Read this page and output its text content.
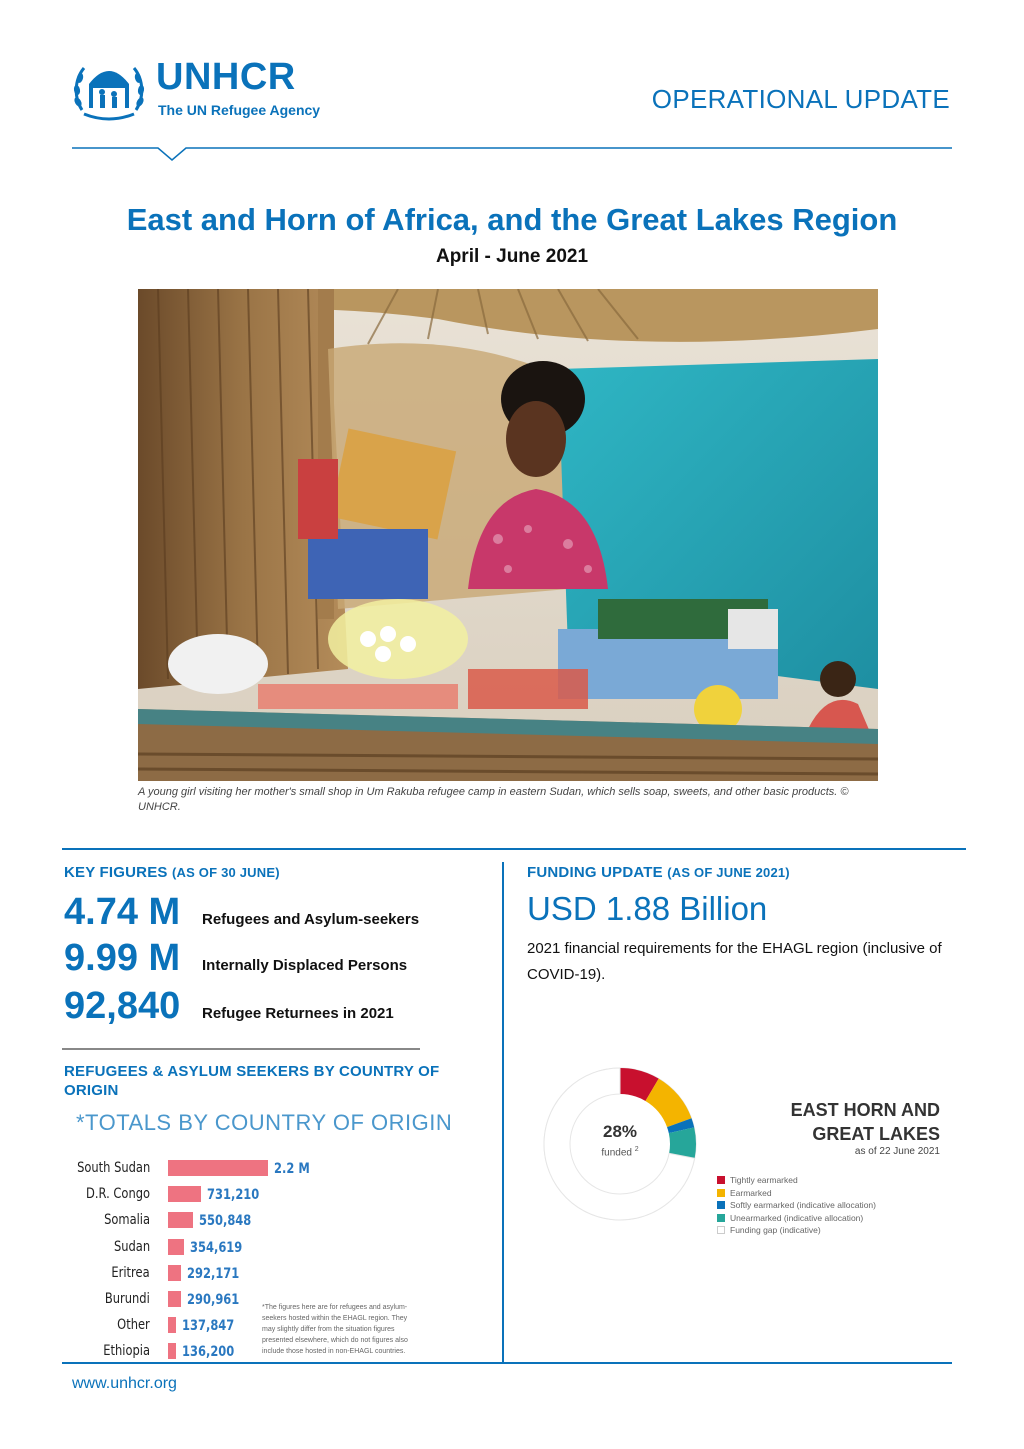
UNHCR
The UN Refugee Agency	OPERATIONAL UPDATE
East and Horn of Africa, and the Great Lakes Region
April - June 2021
A young girl visiting her mother's small shop in Um Rakuba refugee camp in eastern Sudan, which sells soap, sweets, and other basic products. © UNHCR.
KEY FIGURES (AS OF 30 JUNE)
4.74 M Refugees and Asylum-seekers
9.99 M Internally Displaced Persons
92,840 Refugee Returnees in 2021
FUNDING UPDATE (AS OF JUNE 2021)
USD 1.88 Billion
2021 financial requirements for the EHAGL region (inclusive of COVID-19).
REFUGEES & ASYLUM SEEKERS BY COUNTRY OF ORIGIN
*TOTALS BY COUNTRY OF ORIGIN
South Sudan	2.2 M
D.R. Congo	731,210
Somalia	550,848
Sudan	354,619
Eritrea	292,171
Burundi	290,961
Other 137,847
Ethiopia 136,200
*The figures here are for refugees and asylum-seekers hosted within the EHAGL region. They may slightly differ from the situation figures presented elsewhere, which do not figures also include those hosted in non-EHAGL countries.
28%
funded $^2$
EAST HORN AND
GREAT LAKES
as of 22 June 2021
Tightly earmarked
Earmarked
Softly earmarked (indicative allocation)
Unearmarked (indicative allocation)
Funding gap (indicative)
www.unhcr.org
